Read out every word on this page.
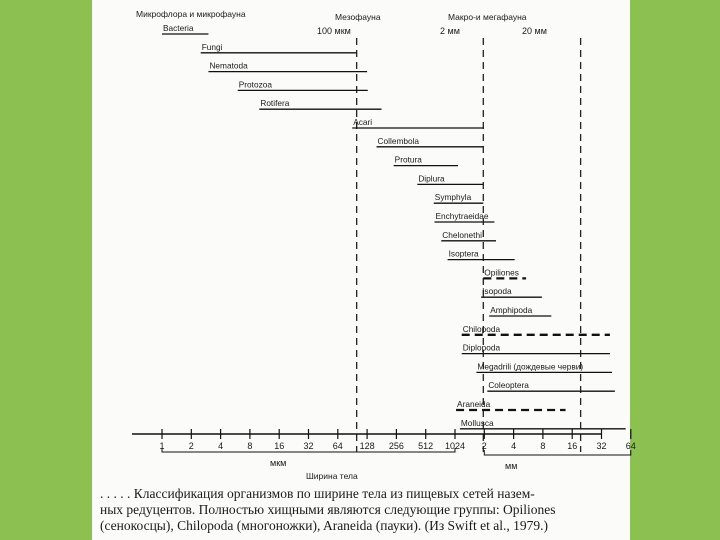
Микрофлора и микрофауна	Мезофауна	Макро-и мегафауна
100 мкм	2 мм	20 мм
Bacteria
Fungi
Nematoda
Protozoa
Rotifera
Acari
Collembola
Protura
Diplura
Symphyla
Enchytraeidae
Chelonethi
Isoptera
Opiliones
Isopoda
Amphipoda
Chilopoda
Diplopoda
Megadrili (дождевые черви)
Coleoptera
Araneida
Mollusca
1	2	4	8 16 32 64 128 256 512 1024 2	4	8 16 32 64
мкм	мм
Ширина тела

. . . . . Классификация организмов по ширине тела из пищевых сетей назем-

ных редуцентов. Полностью хищными являются следующие группы: Opiliones

(сенокосцы), Chilopoda (многоножки), Araneida (пауки). (Из Swift et al., 1979.)
